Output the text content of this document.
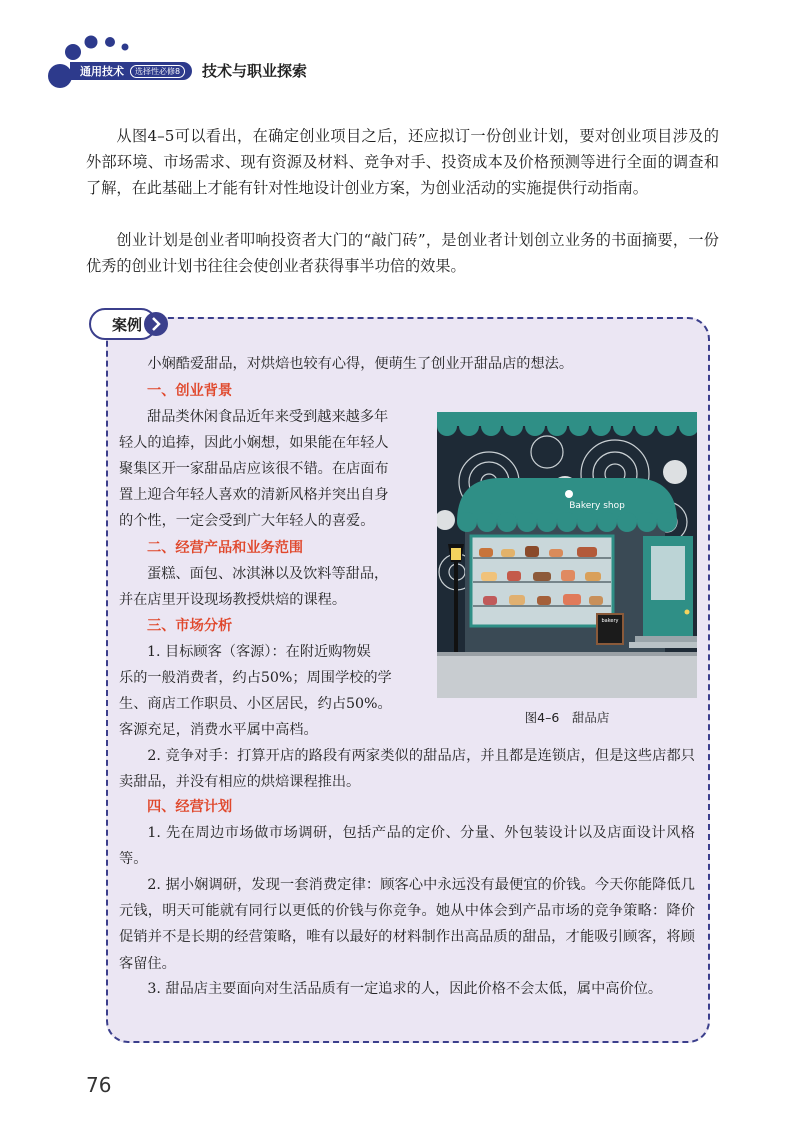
通用技术	选择性必修8	技术与职业探索

从图4–5可以看出，在确定创业项目之后，还应拟订一份创业计划，要对创业项目涉及的外部环境、市场需求、现有资源及材料、竞争对手、投资成本及价格预测等进行全面的调查和了解，在此基础上才能有针对性地设计创业方案，为创业活动的实施提供行动指南。

创业计划是创业者叩响投资者大门的“敲门砖”，是创业者计划创立业务的书面摘要，一份优秀的创业计划书往往会使创业者获得事半功倍的效果。

案例

小娴酷爱甜品，对烘焙也较有心得，便萌生了创业开甜品店的想法。

一、创业背景

甜品类休闲食品近年来受到越来越多年

轻人的追捧，因此小娴想，如果能在年轻人

聚集区开一家甜品店应该很不错。在店面布

置上迎合年轻人喜欢的清新风格并突出自身

的个性，一定会受到广大年轻人的喜爱。

二、经营产品和业务范围

蛋糕、面包、冰淇淋以及饮料等甜品，

并在店里开设现场教授烘焙的课程。

三、市场分析

1. 目标顾客（客源）：在附近购物娱

乐的一般消费者，约占50%；周围学校的学

生、商店工作职员、小区居民，约占50%。

客源充足，消费水平属中高档。

2. 竞争对手：打算开店的路段有两家类似的甜品店，并且都是连锁店，但是这些店都只卖甜品，并没有相应的烘焙课程推出。

四、经营计划

1. 先在周边市场做市场调研，包括产品的定价、分量、外包装设计以及店面设计风格等。

2. 据小娴调研，发现一套消费定律：顾客心中永远没有最便宜的价钱。今天你能降低几元钱，明天可能就有同行以更低的价钱与你竞争。她从中体会到产品市场的竞争策略：降价促销并不是长期的经营策略，唯有以最好的材料制作出高品质的甜品，才能吸引顾客，将顾客留住。

3. 甜品店主要面向对生活品质有一定追求的人，因此价格不会太低，属中高价位。

Bakery shop
bakery
图4–6　甜品店
76
